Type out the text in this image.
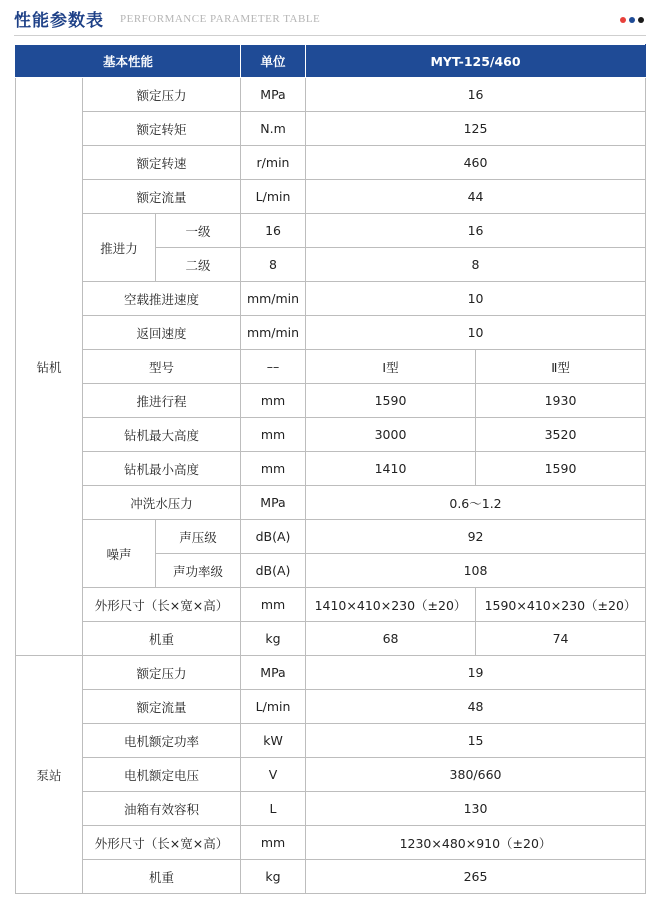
性能参数表 PERFORMANCE PARAMETER TABLE
基本性能			单位	MYT-125/460	
钻机	额定压力		MPa	16	
	额定转矩		N.m	125	
	额定转速		r/min	460	
	额定流量		L/min	44	
	推进力	一级	16	16	
		二级	8	8	
	空载推进速度		mm/min	10	
	返回速度		mm/min	10	
	型号		––	Ⅰ型	Ⅱ型
	推进行程		mm	1590	1930
	钻机最大高度		mm	3000	3520
	钻机最小高度		mm	1410	1590
	冲洗水压力		MPa	0.6～1.2	
	噪声	声压级	dB(A)	92	
		声功率级	dB(A)	108	
	外形尺寸（长×宽×高）		mm	1410×410×230（±20）	1590×410×230（±20）
	机重		kg	68	74
泵站	额定压力		MPa	19	
	额定流量		L/min	48	
	电机额定功率		kW	15	
	电机额定电压		V	380/660	
	油箱有效容积		L	130	
	外形尺寸（长×宽×高）		mm	1230×480×910（±20）	
	机重		kg	265	
